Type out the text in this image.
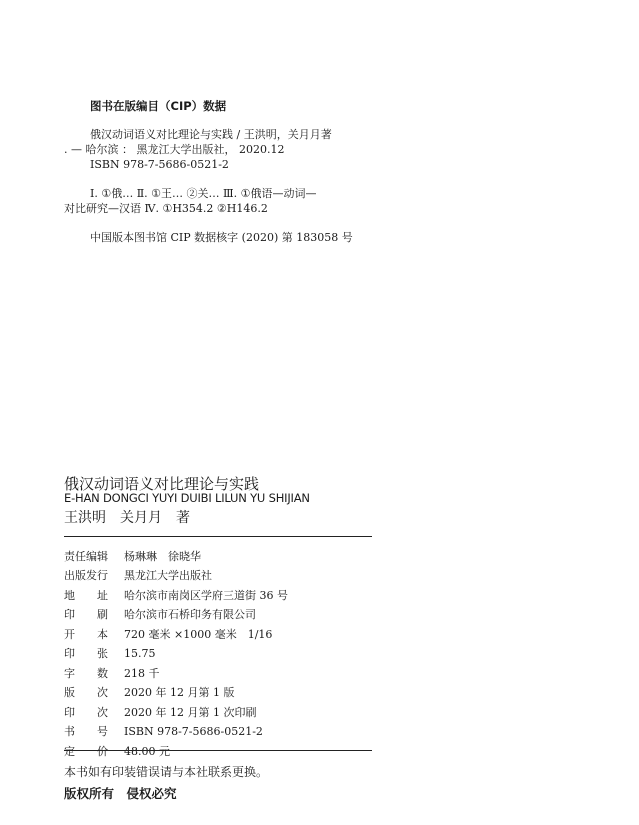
图书在版编目（CIP）数据
俄汉动词语义对比理论与实践 / 王洪明，关月月著
. — 哈尔滨 ： 黑龙江大学出版社， 2020.12
ISBN 978-7-5686-0521-2
Ⅰ. ①俄… Ⅱ. ①王… ②关… Ⅲ. ①俄语—动词—
对比研究—汉语 Ⅳ. ①H354.2 ②H146.2
中国版本图书馆 CIP 数据核字 (2020) 第 183058 号
俄汉动词语义对比理论与实践
E-HAN DONGCI YUYI DUIBI LILUN YU SHIJIAN
王洪明　关月月　著
责任编辑	杨琳琳　徐晓华
出版发行	黑龙江大学出版社
地　　址	哈尔滨市南岗区学府三道街 36 号
印　　刷	哈尔滨市石桥印务有限公司
开　　本	720 毫米 ×1000 毫米　1/16
印　　张	15.75
字　　数	218 千
版　　次	2020 年 12 月第 1 版
印　　次	2020 年 12 月第 1 次印刷
书　　号	ISBN 978-7-5686-0521-2
定　　价	48.00 元
本书如有印装错误请与本社联系更换。
版权所有　侵权必究
